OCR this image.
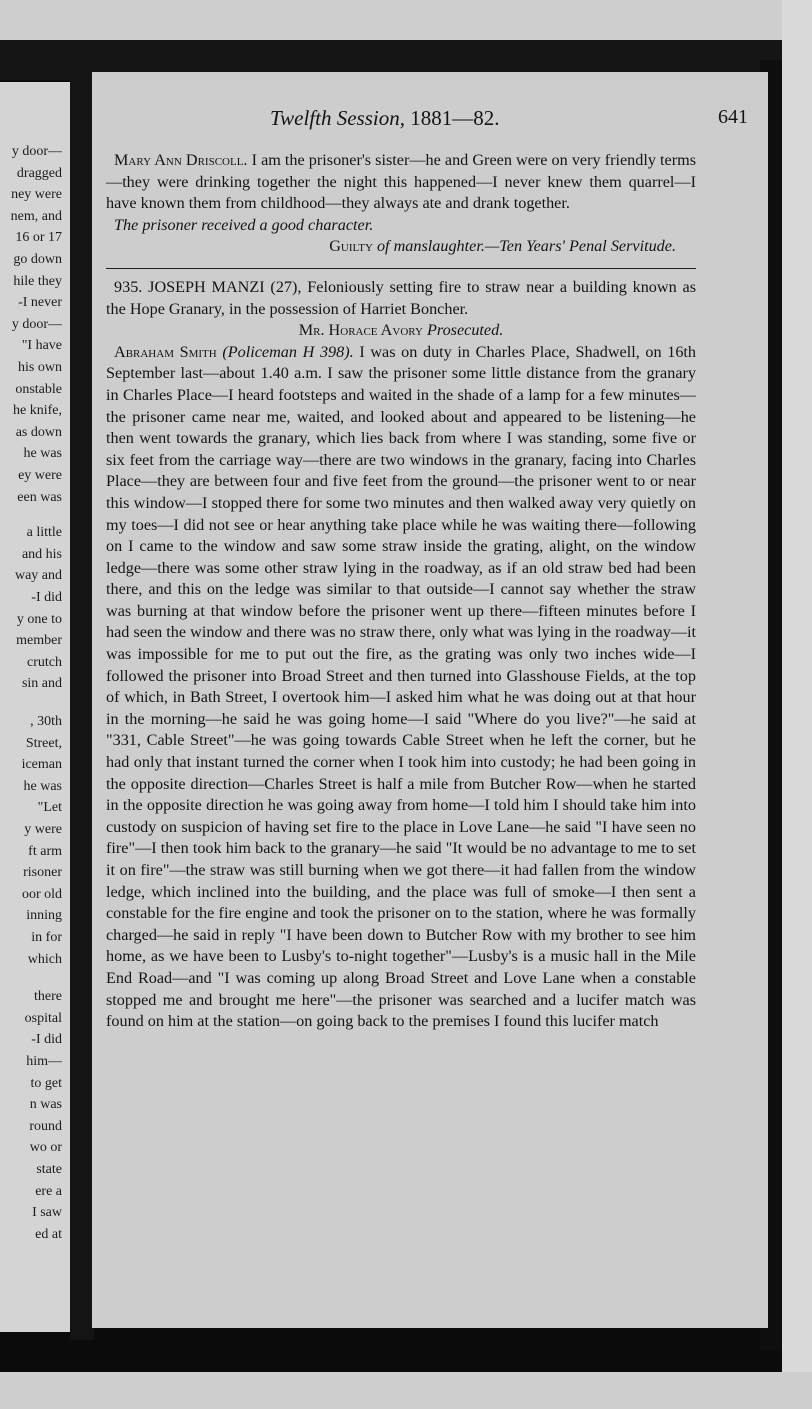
y door—
dragged
ney were
nem, and
16 or 17
go down
hile they
-I never
y door—
"I have
his own
onstable
he knife,
as down
he was
ey were
een was
a little
and his
way and
-I did
y one to
member
crutch
sin and
, 30th
Street,
iceman
he was
"Let
y were
ft arm
risoner
oor old
inning
in for
which
there
ospital
-I did
him—
to get
n was
round
wo or
state
ere a
I saw
ed at
Twelfth Session, 1881—82.	641

Mary Ann Driscoll. I am the prisoner's sister—he and Green were on very friendly terms—they were drinking together the night this happened—I never knew them quarrel—I have known them from childhood—they always ate and drank together.

The prisoner received a good character.

Guilty of manslaughter.—Ten Years' Penal Servitude.

935. JOSEPH MANZI (27), Feloniously setting fire to straw near a building known as the Hope Granary, in the possession of Harriet Boncher.

Mr. Horace Avory Prosecuted.

Abraham Smith (Policeman H 398). I was on duty in Charles Place, Shadwell, on 16th September last—about 1.40 a.m. I saw the prisoner some little distance from the granary in Charles Place—I heard footsteps and waited in the shade of a lamp for a few minutes—the prisoner came near me, waited, and looked about and appeared to be listening—he then went towards the granary, which lies back from where I was standing, some five or six feet from the carriage way—there are two windows in the granary, facing into Charles Place—they are between four and five feet from the ground—the prisoner went to or near this window—I stopped there for some two minutes and then walked away very quietly on my toes—I did not see or hear anything take place while he was waiting there—following on I came to the window and saw some straw inside the grating, alight, on the window ledge—there was some other straw lying in the roadway, as if an old straw bed had been there, and this on the ledge was similar to that outside—I cannot say whether the straw was burning at that window before the prisoner went up there—fifteen minutes before I had seen the window and there was no straw there, only what was lying in the roadway—it was impossible for me to put out the fire, as the grating was only two inches wide—I followed the prisoner into Broad Street and then turned into Glasshouse Fields, at the top of which, in Bath Street, I overtook him—I asked him what he was doing out at that hour in the morning—he said he was going home—I said "Where do you live?"—he said at "331, Cable Street"—he was going towards Cable Street when he left the corner, but he had only that instant turned the corner when I took him into custody; he had been going in the opposite direction—Charles Street is half a mile from Butcher Row—when he started in the opposite direction he was going away from home—I told him I should take him into custody on suspicion of having set fire to the place in Love Lane—he said "I have seen no fire"—I then took him back to the granary—he said "It would be no advantage to me to set it on fire"—the straw was still burning when we got there—it had fallen from the window ledge, which inclined into the building, and the place was full of smoke—I then sent a constable for the fire engine and took the prisoner on to the station, where he was formally charged—he said in reply "I have been down to Butcher Row with my brother to see him home, as we have been to Lusby's to-night together"—Lusby's is a music hall in the Mile End Road—and "I was coming up along Broad Street and Love Lane when a constable stopped me and brought me here"—the prisoner was searched and a lucifer match was found on him at the station—on going back to the premises I found this lucifer match
